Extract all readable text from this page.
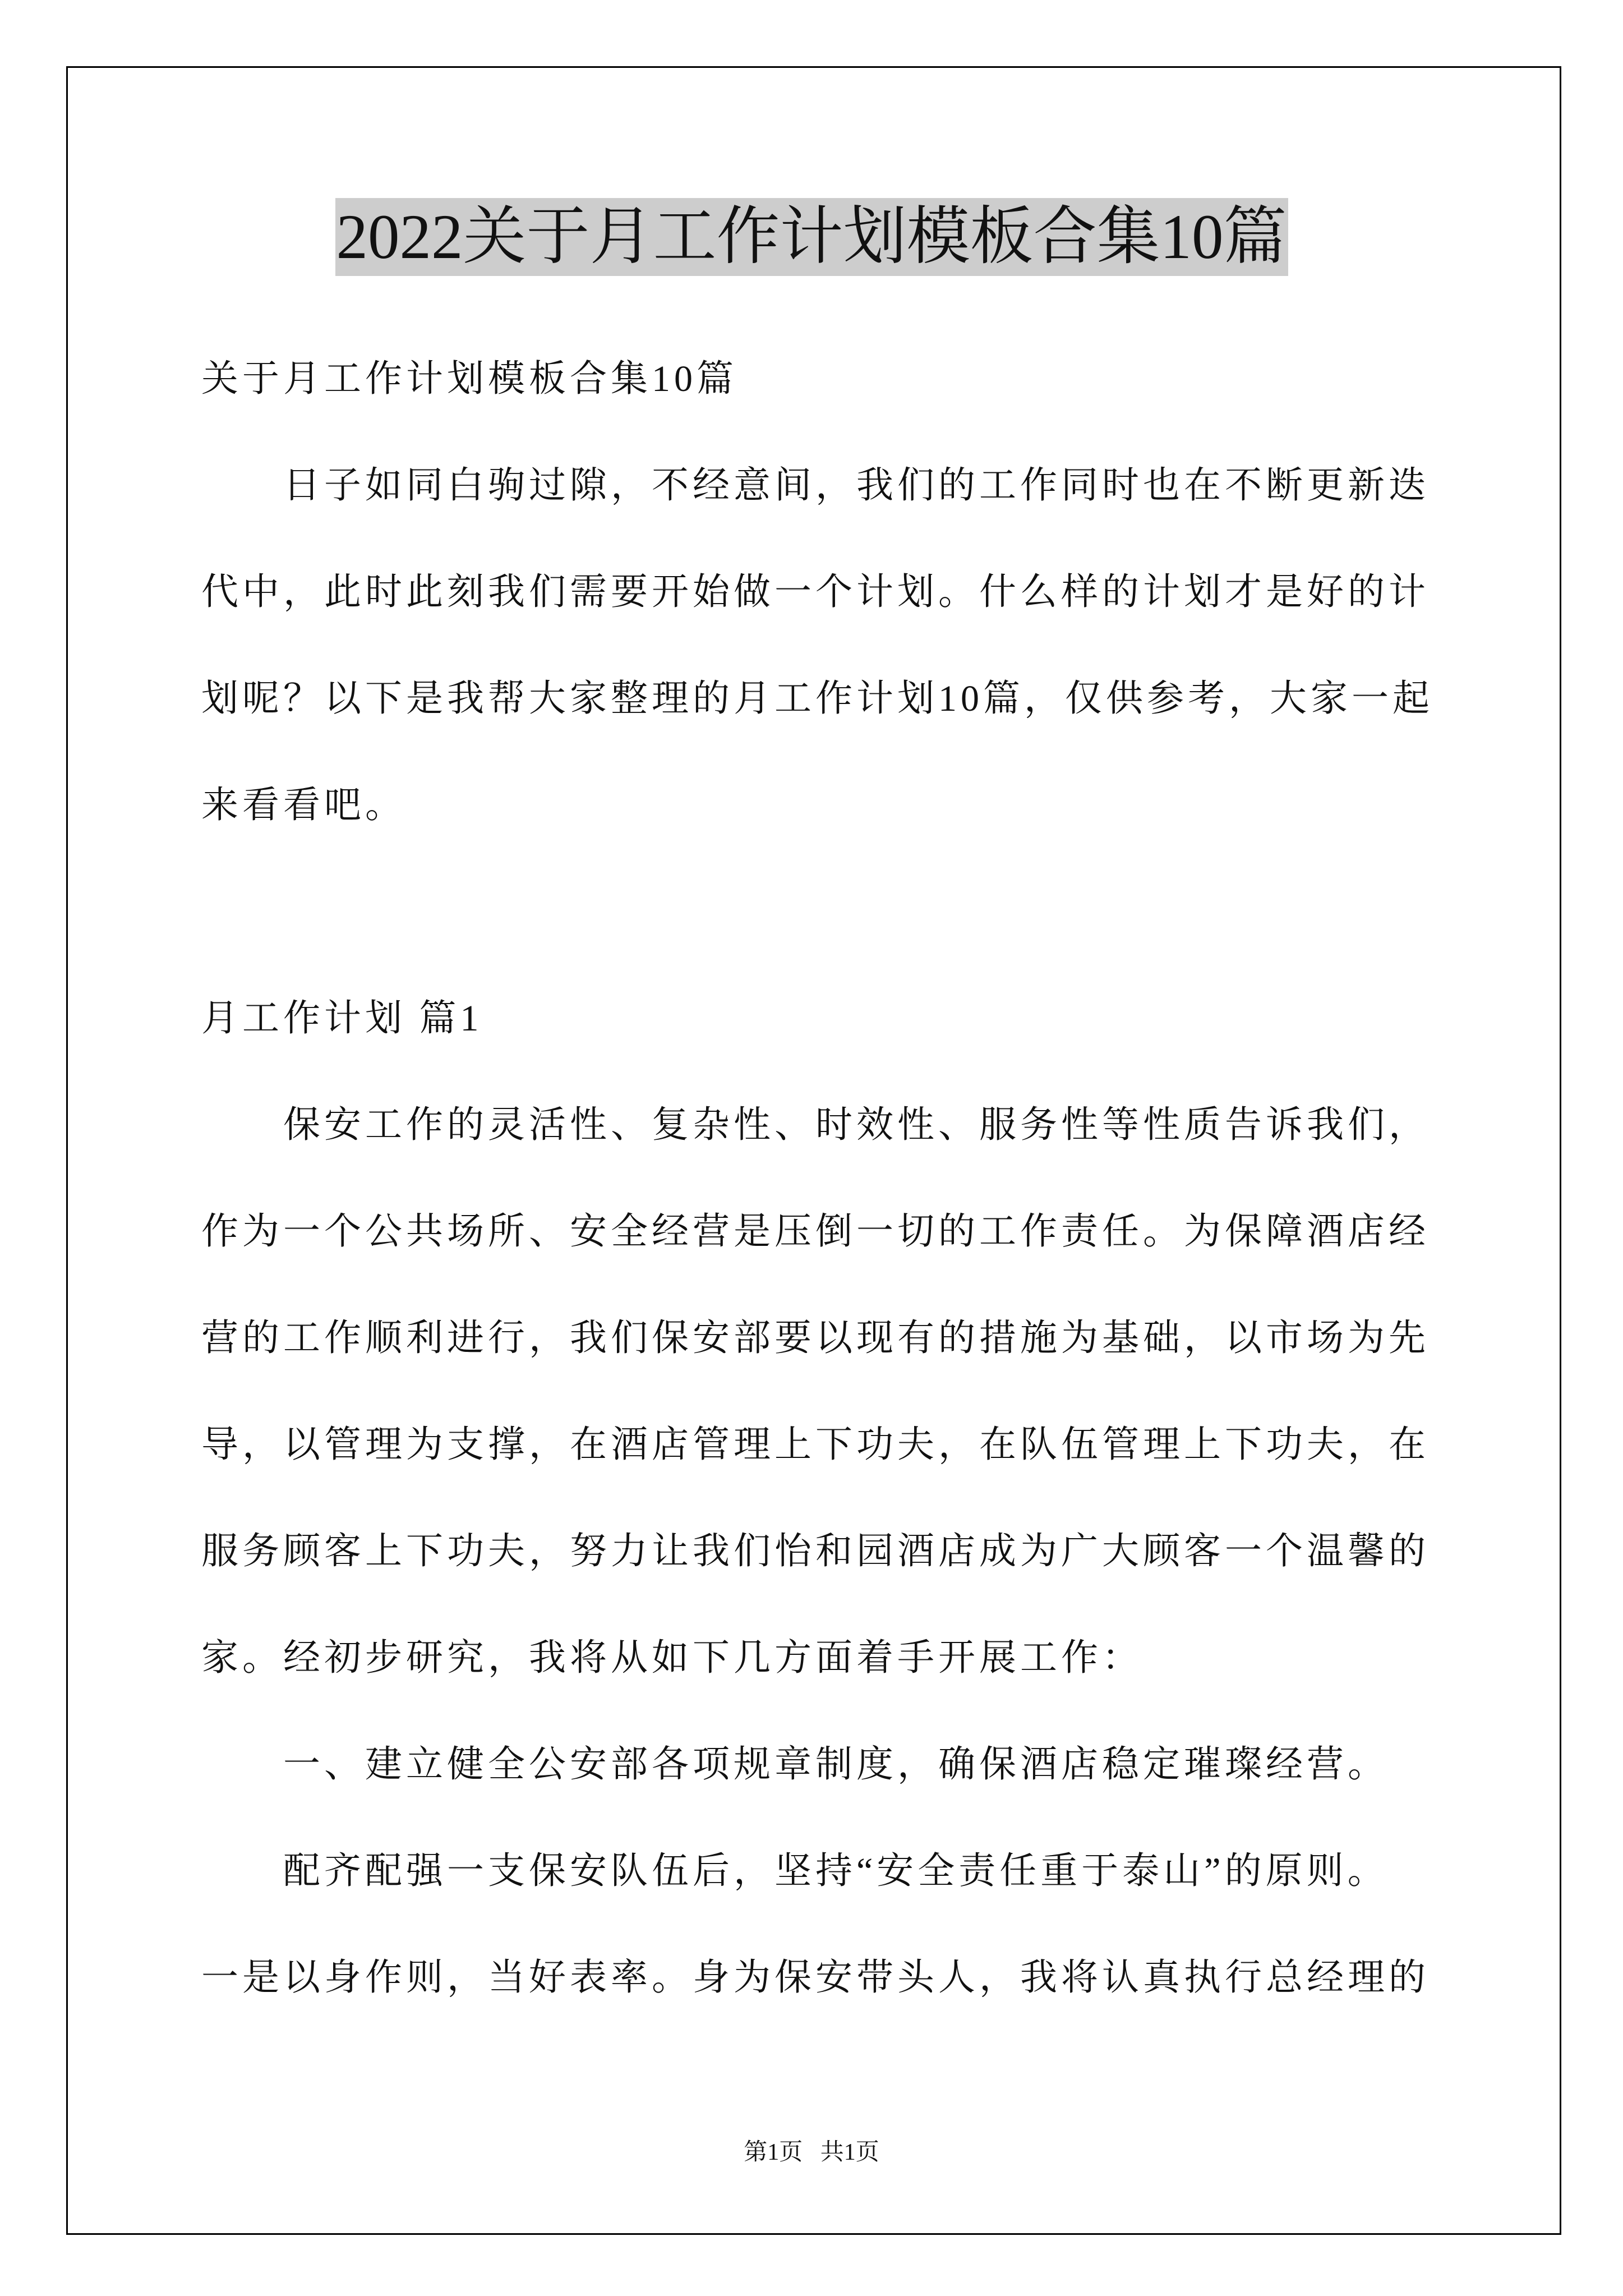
2022关于月工作计划模板合集10篇
关于月工作计划模板合集10篇
日子如同白驹过隙，不经意间，我们的工作同时也在不断更新迭
代中，此时此刻我们需要开始做一个计划。什么样的计划才是好的计
划呢？以下是我帮大家整理的月工作计划10篇，仅供参考，大家一起
来看看吧。
月工作计划 篇1
保安工作的灵活性、复杂性、时效性、服务性等性质告诉我们，
作为一个公共场所、安全经营是压倒一切的工作责任。为保障酒店经
营的工作顺利进行，我们保安部要以现有的措施为基础，以市场为先
导，以管理为支撑，在酒店管理上下功夫，在队伍管理上下功夫，在
服务顾客上下功夫，努力让我们怡和园酒店成为广大顾客一个温馨的
家。经初步研究，我将从如下几方面着手开展工作：
一、建立健全公安部各项规章制度，确保酒店稳定璀璨经营。
配齐配强一支保安队伍后，坚持“安全责任重于泰山”的原则。
一是以身作则，当好表率。身为保安带头人，我将认真执行总经理的
第1页   共1页
